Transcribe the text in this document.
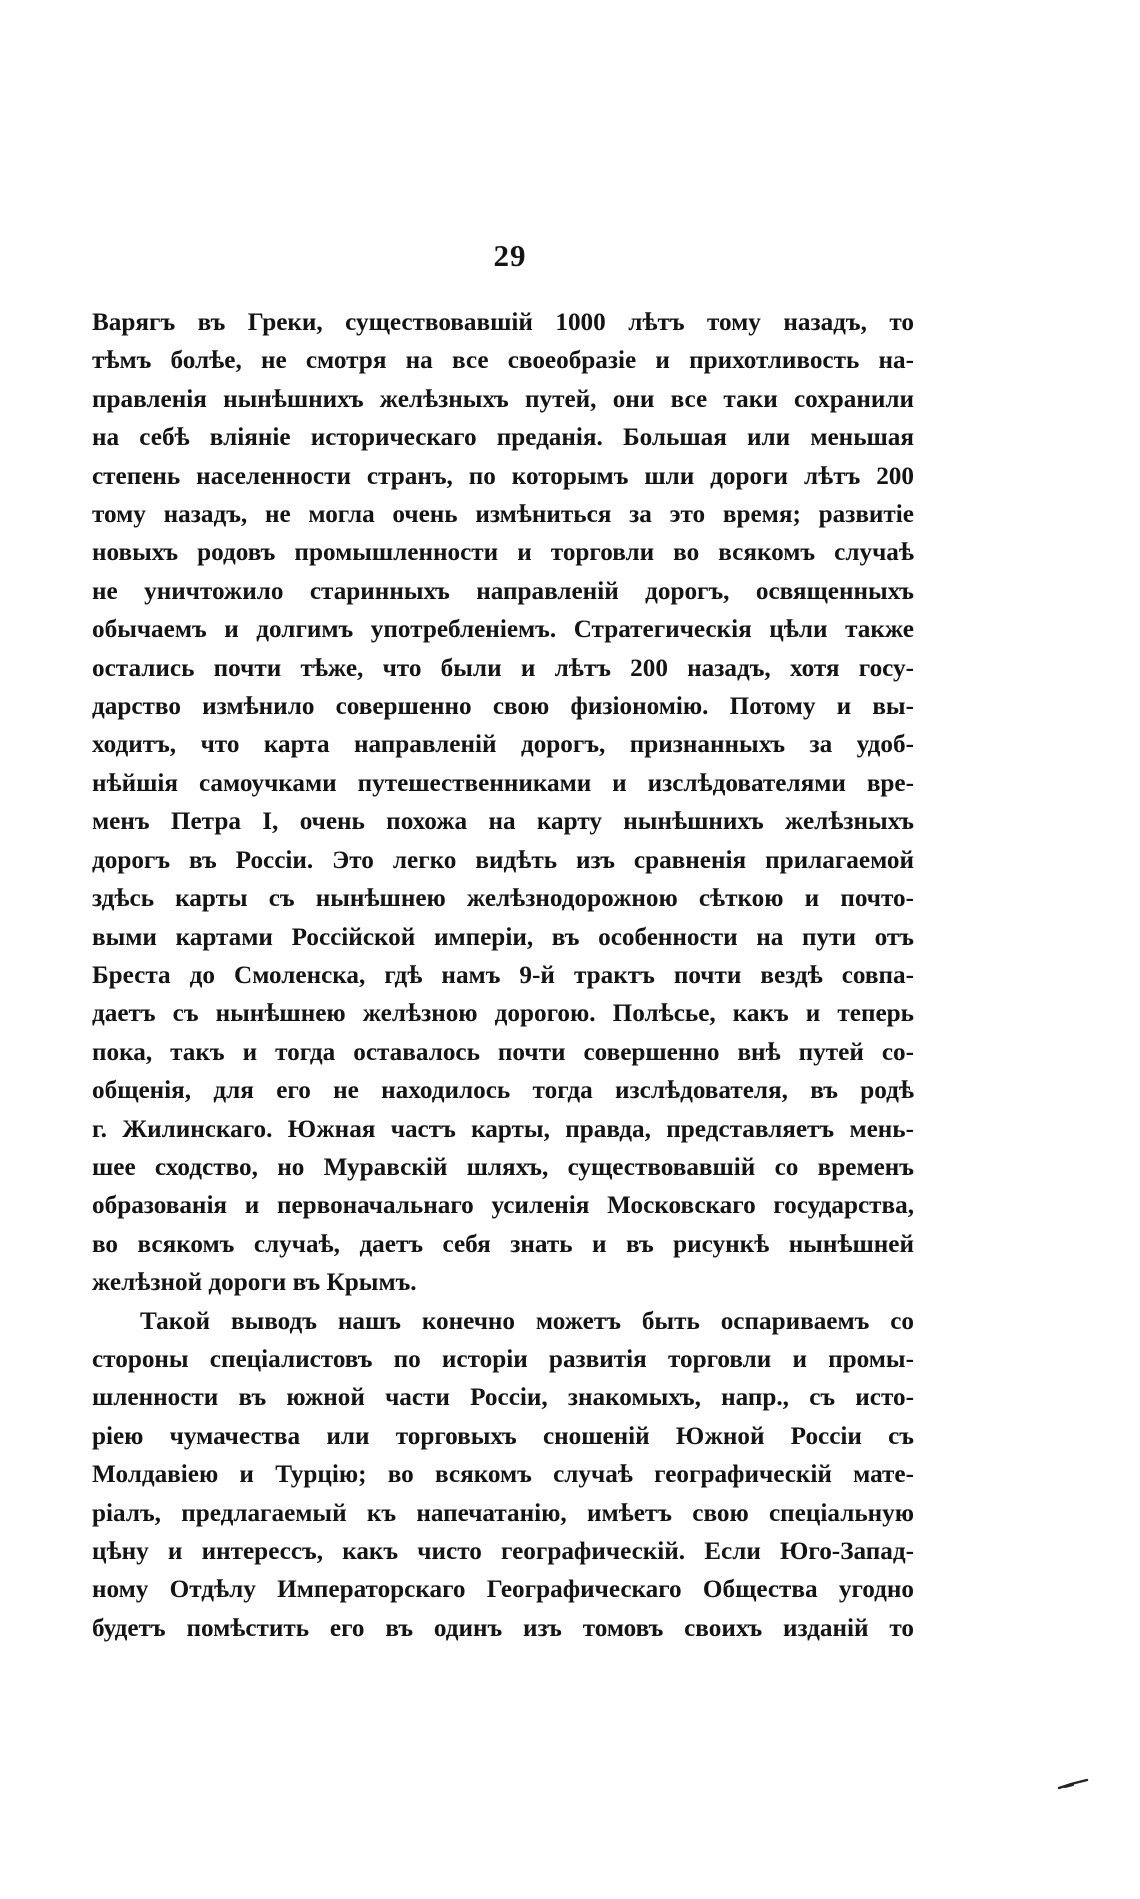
29
Варягъ въ Греки, существовавшій 1000 лѣтъ тому назадъ, то
тѣмъ болѣе, не смотря на все своеобразіе и прихотливость на-
правленія нынѣшнихъ желѣзныхъ путей, они все таки сохранили
на себѣ вліяніе историческаго преданія. Большая или меньшая
степень населенности странъ, по которымъ шли дороги лѣтъ 200
тому назадъ, не могла очень измѣниться за это время; развитіе
новыхъ родовъ промышленности и торговли во всякомъ случаѣ
не уничтожило старинныхъ направленій дорогъ, освященныхъ
обычаемъ и долгимъ употребленіемъ. Стратегическія цѣли также
остались почти тѣже, что были и лѣтъ 200 назадъ, хотя госу-
дарство измѣнило совершенно свою физіономію. Потому и вы-
ходитъ, что карта направленій дорогъ, признанныхъ за удоб-
нѣйшія самоучками путешественниками и изслѣдователями вре-
менъ Петра I, очень похожа на карту нынѣшнихъ желѣзныхъ
дорогъ въ Россіи. Это легко видѣть изъ сравненія прилагаемой
здѣсь карты съ нынѣшнею желѣзнодорожною сѣткою и почто-
выми картами Россійской имперіи, въ особенности на пути отъ
Бреста до Смоленска, гдѣ намъ 9-й трактъ почти вездѣ совпа-
даетъ съ нынѣшнею желѣзною дорогою. Полѣсье, какъ и теперь
пока, такъ и тогда оставалось почти совершенно внѣ путей со-
общенія, для его не находилось тогда изслѣдователя, въ родѣ
г. Жилинскаго. Южная частъ карты, правда, представляетъ мень-
шее сходство, но Муравскій шляхъ, существовавшій со временъ
образованія и первоначальнаго усиленія Московскаго государства,
во всякомъ случаѣ, даетъ себя знать и въ рисункѣ нынѣшней
желѣзной дороги въ Крымъ.
Такой выводъ нашъ конечно можетъ быть оспариваемъ со
стороны спеціалистовъ по исторіи развитія торговли и промы-
шленности въ южной части Россіи, знакомыхъ, напр., съ исто-
ріею чумачества или торговыхъ сношеній Южной Россіи съ
Молдавіею и Турцію; во всякомъ случаѣ географическій мате-
ріалъ, предлагаемый къ напечатанію, имѣетъ свою спеціальную
цѣну и интерессъ, какъ чисто географическій. Если Юго-Запад-
ному Отдѣлу Императорскаго Географическаго Общества угодно
будетъ помѣстить его въ одинъ изъ томовъ своихъ изданій то
